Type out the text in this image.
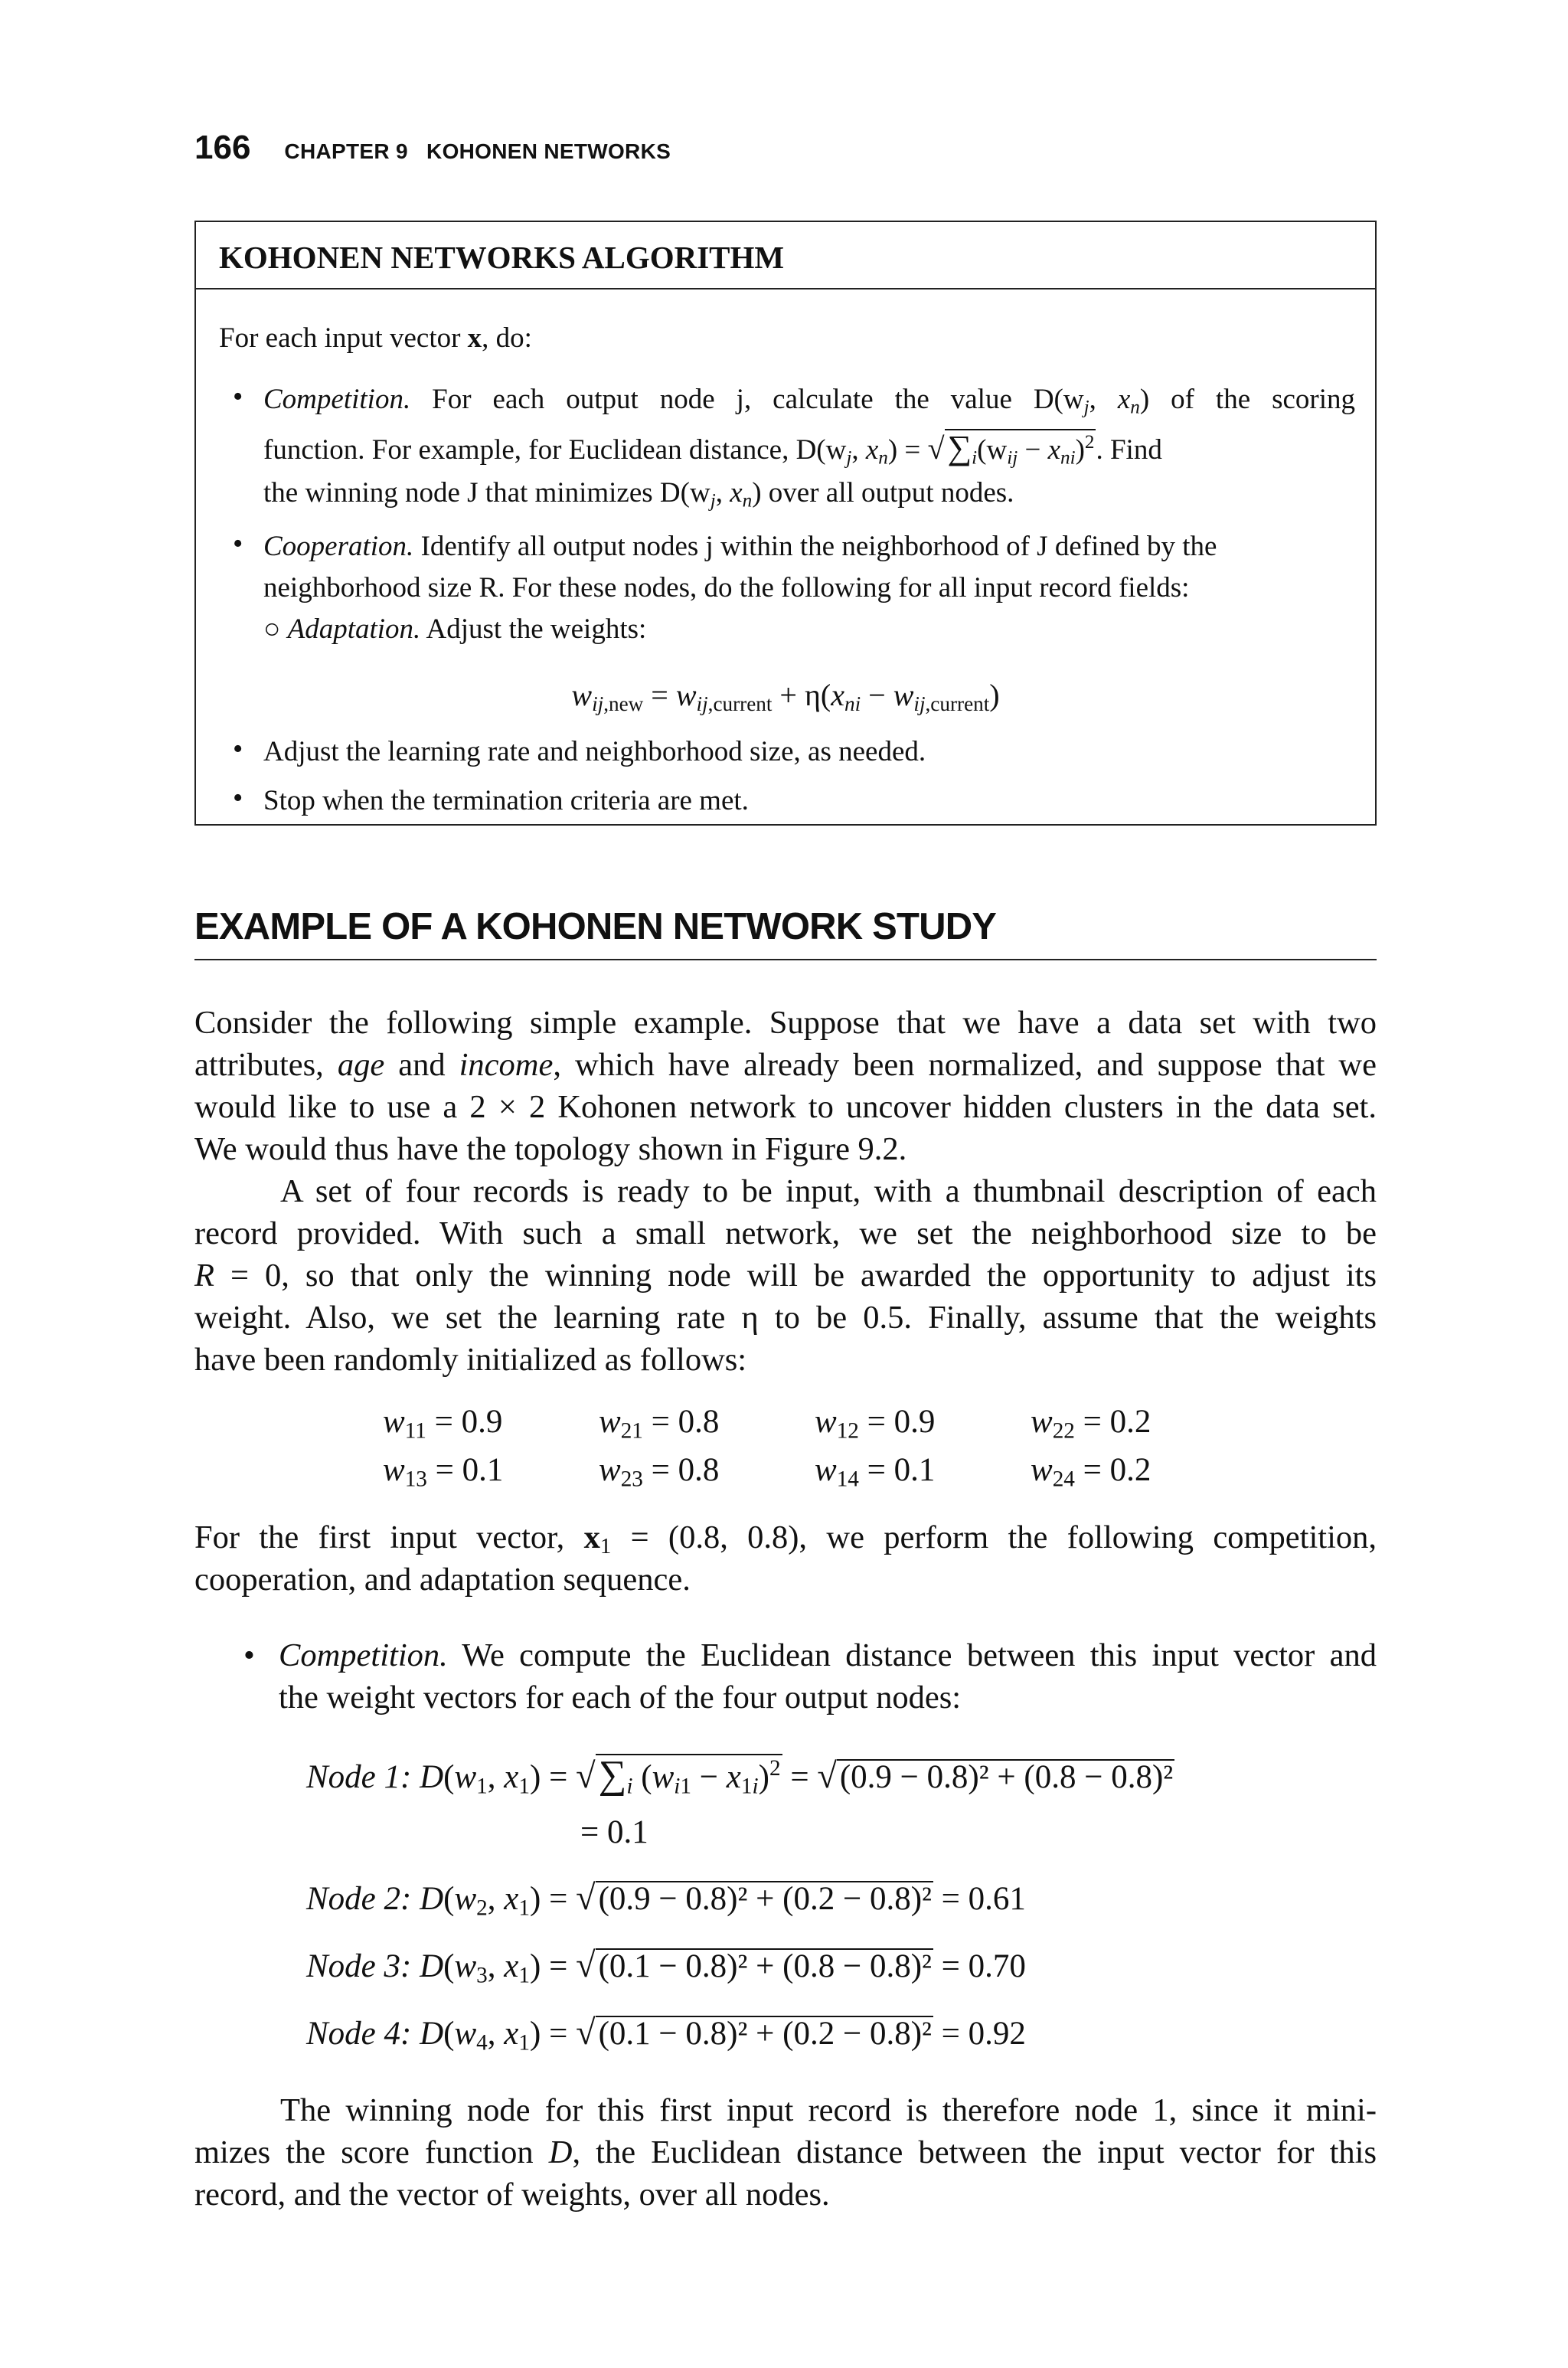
166 CHAPTER 9   KOHONEN NETWORKS
KOHONEN NETWORKS ALGORITHM
For each input vector x, do:
• Competition. For each output node j, calculate the value $D(w_j$, $x_n$) of the scoring
function. For example, for Euclidean distance, $D(w_j$, $x_n) = √\sum_i(w_{ij} - x_{ni})^2$. Find
the winning node J that minimizes $D(w_j$, $x_n$) over all output nodes.
• Cooperation. Identify all output nodes j within the neighborhood of J defined by the
neighborhood size R. For these nodes, do the following for all input record fields:
○ Adaptation. Adjust the weights:
$w_{ij,new} = w_{ij,current} + \eta(x_{ni} - w_{ij,current})$
• Adjust the learning rate and neighborhood size, as needed.
• Stop when the termination criteria are met.
EXAMPLE OF A KOHONEN NETWORK STUDY
Consider the following simple example. Suppose that we have a data set with two
attributes, age and income, which have already been normalized, and suppose that we
would like to use a 2 × 2 Kohonen network to uncover hidden clusters in the data set.
We would thus have the topology shown in Figure 9.2.
A set of four records is ready to be input, with a thumbnail description of each
record provided. With such a small network, we set the neighborhood size to be
R = 0, so that only the winning node will be awarded the opportunity to adjust its
weight. Also, we set the learning rate η to be 0.5. Finally, assume that the weights
have been randomly initialized as follows:
$w_{11} = 0.9$	$w_{21} = 0.8$	$w_{12} = 0.9$	$w_{22} = 0.2$
$w_{13} = 0.1$	$w_{23} = 0.8$	$w_{14} = 0.1$	$w_{24} = 0.2$
For the first input vector, $x_1 = (0.8$, 0.8), we perform the following competition,
cooperation, and adaptation sequence.
• Competition. We compute the Euclidean distance between this input vector and
the weight vectors for each of the four output nodes:
Node 1: $D(w_1$, $x_1) = √\sum_i$ $(w_{i1} - x_{1i})^2 = √(0.9 - 0.8)^2 + (0.8 - 0.8)^2$
= 0.1
Node 2: $D(w_2$, $x_1) = √(0.9 - 0.8)^2 + (0.2 - 0.8)^2 = 0.61$
Node 3: $D(w_3$, $x_1) = √(0.1 - 0.8)^2 + (0.8 - 0.8)^2 = 0.70$
Node 4: $D(w_4$, $x_1) = √(0.1 - 0.8)^2 + (0.2 - 0.8)^2 = 0.92$
The winning node for this first input record is therefore node 1, since it mini-
mizes the score function D, the Euclidean distance between the input vector for this
record, and the vector of weights, over all nodes.
